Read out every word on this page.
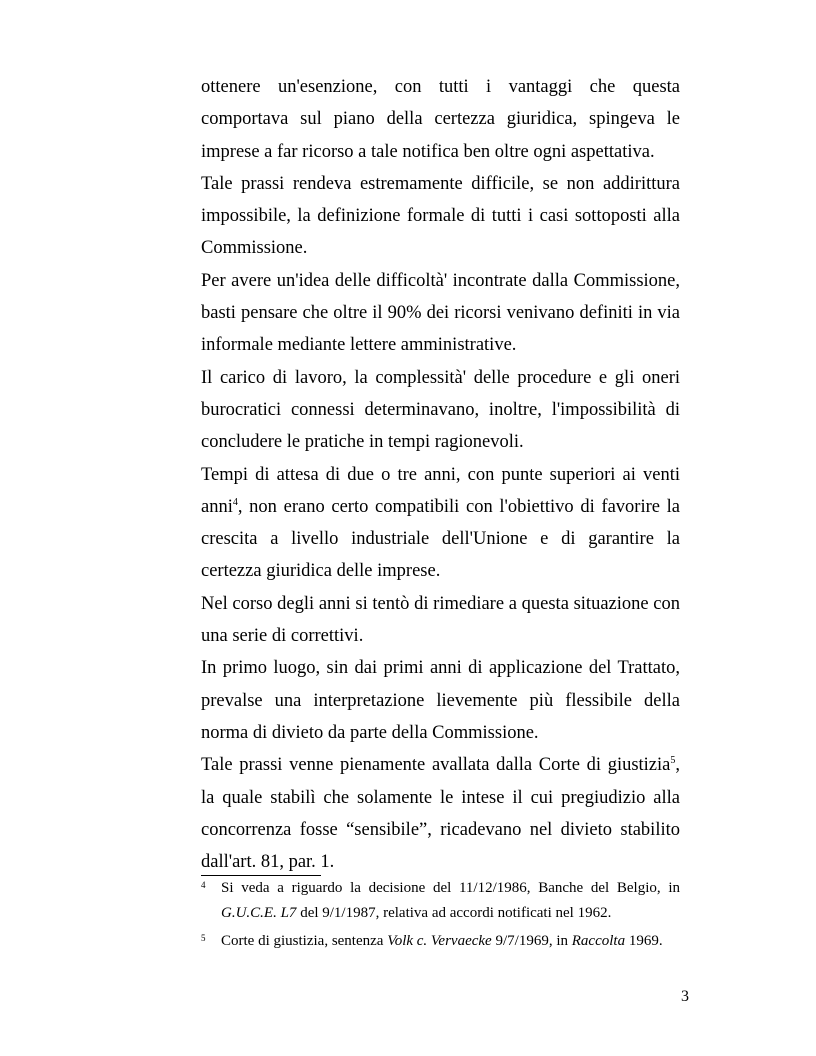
ottenere un'esenzione, con tutti i vantaggi che questa comportava sul piano della certezza giuridica, spingeva le imprese a far ricorso a tale notifica ben oltre ogni aspettativa.

Tale prassi rendeva estremamente difficile, se non addirittura impossibile, la definizione formale di tutti i casi sottoposti alla Commissione.

Per avere un'idea delle difficoltà' incontrate dalla Commissione, basti pensare che oltre il 90% dei ricorsi venivano definiti in via informale mediante lettere amministrative.

Il carico di lavoro, la complessità' delle procedure e gli oneri burocratici connessi determinavano, inoltre, l'impossibilità di concludere le pratiche in tempi ragionevoli.

Tempi di attesa di due o tre anni, con punte superiori ai venti anni$^4$, non erano certo compatibili con l'obiettivo di favorire la crescita a livello industriale dell'Unione e di garantire la certezza giuridica delle imprese.

Nel corso degli anni si tentò di rimediare a questa situazione con una serie di correttivi.

In primo luogo, sin dai primi anni di applicazione del Trattato, prevalse una interpretazione lievemente più flessibile della norma di divieto da parte della Commissione.

Tale prassi venne pienamente avallata dalla Corte di giustizia$^5$, la quale stabilì che solamente le intese il cui pregiudizio alla concorrenza fosse “sensibile”, ricadevano nel divieto stabilito dall'art. 81, par. 1.

4 Si veda a riguardo la decisione del 11/12/1986, Banche del Belgio, in G.U.C.E. L7 del 9/1/1987, relativa ad accordi notificati nel 1962.
5 Corte di giustizia, sentenza Volk c. Vervaecke 9/7/1969, in Raccolta 1969.
3
